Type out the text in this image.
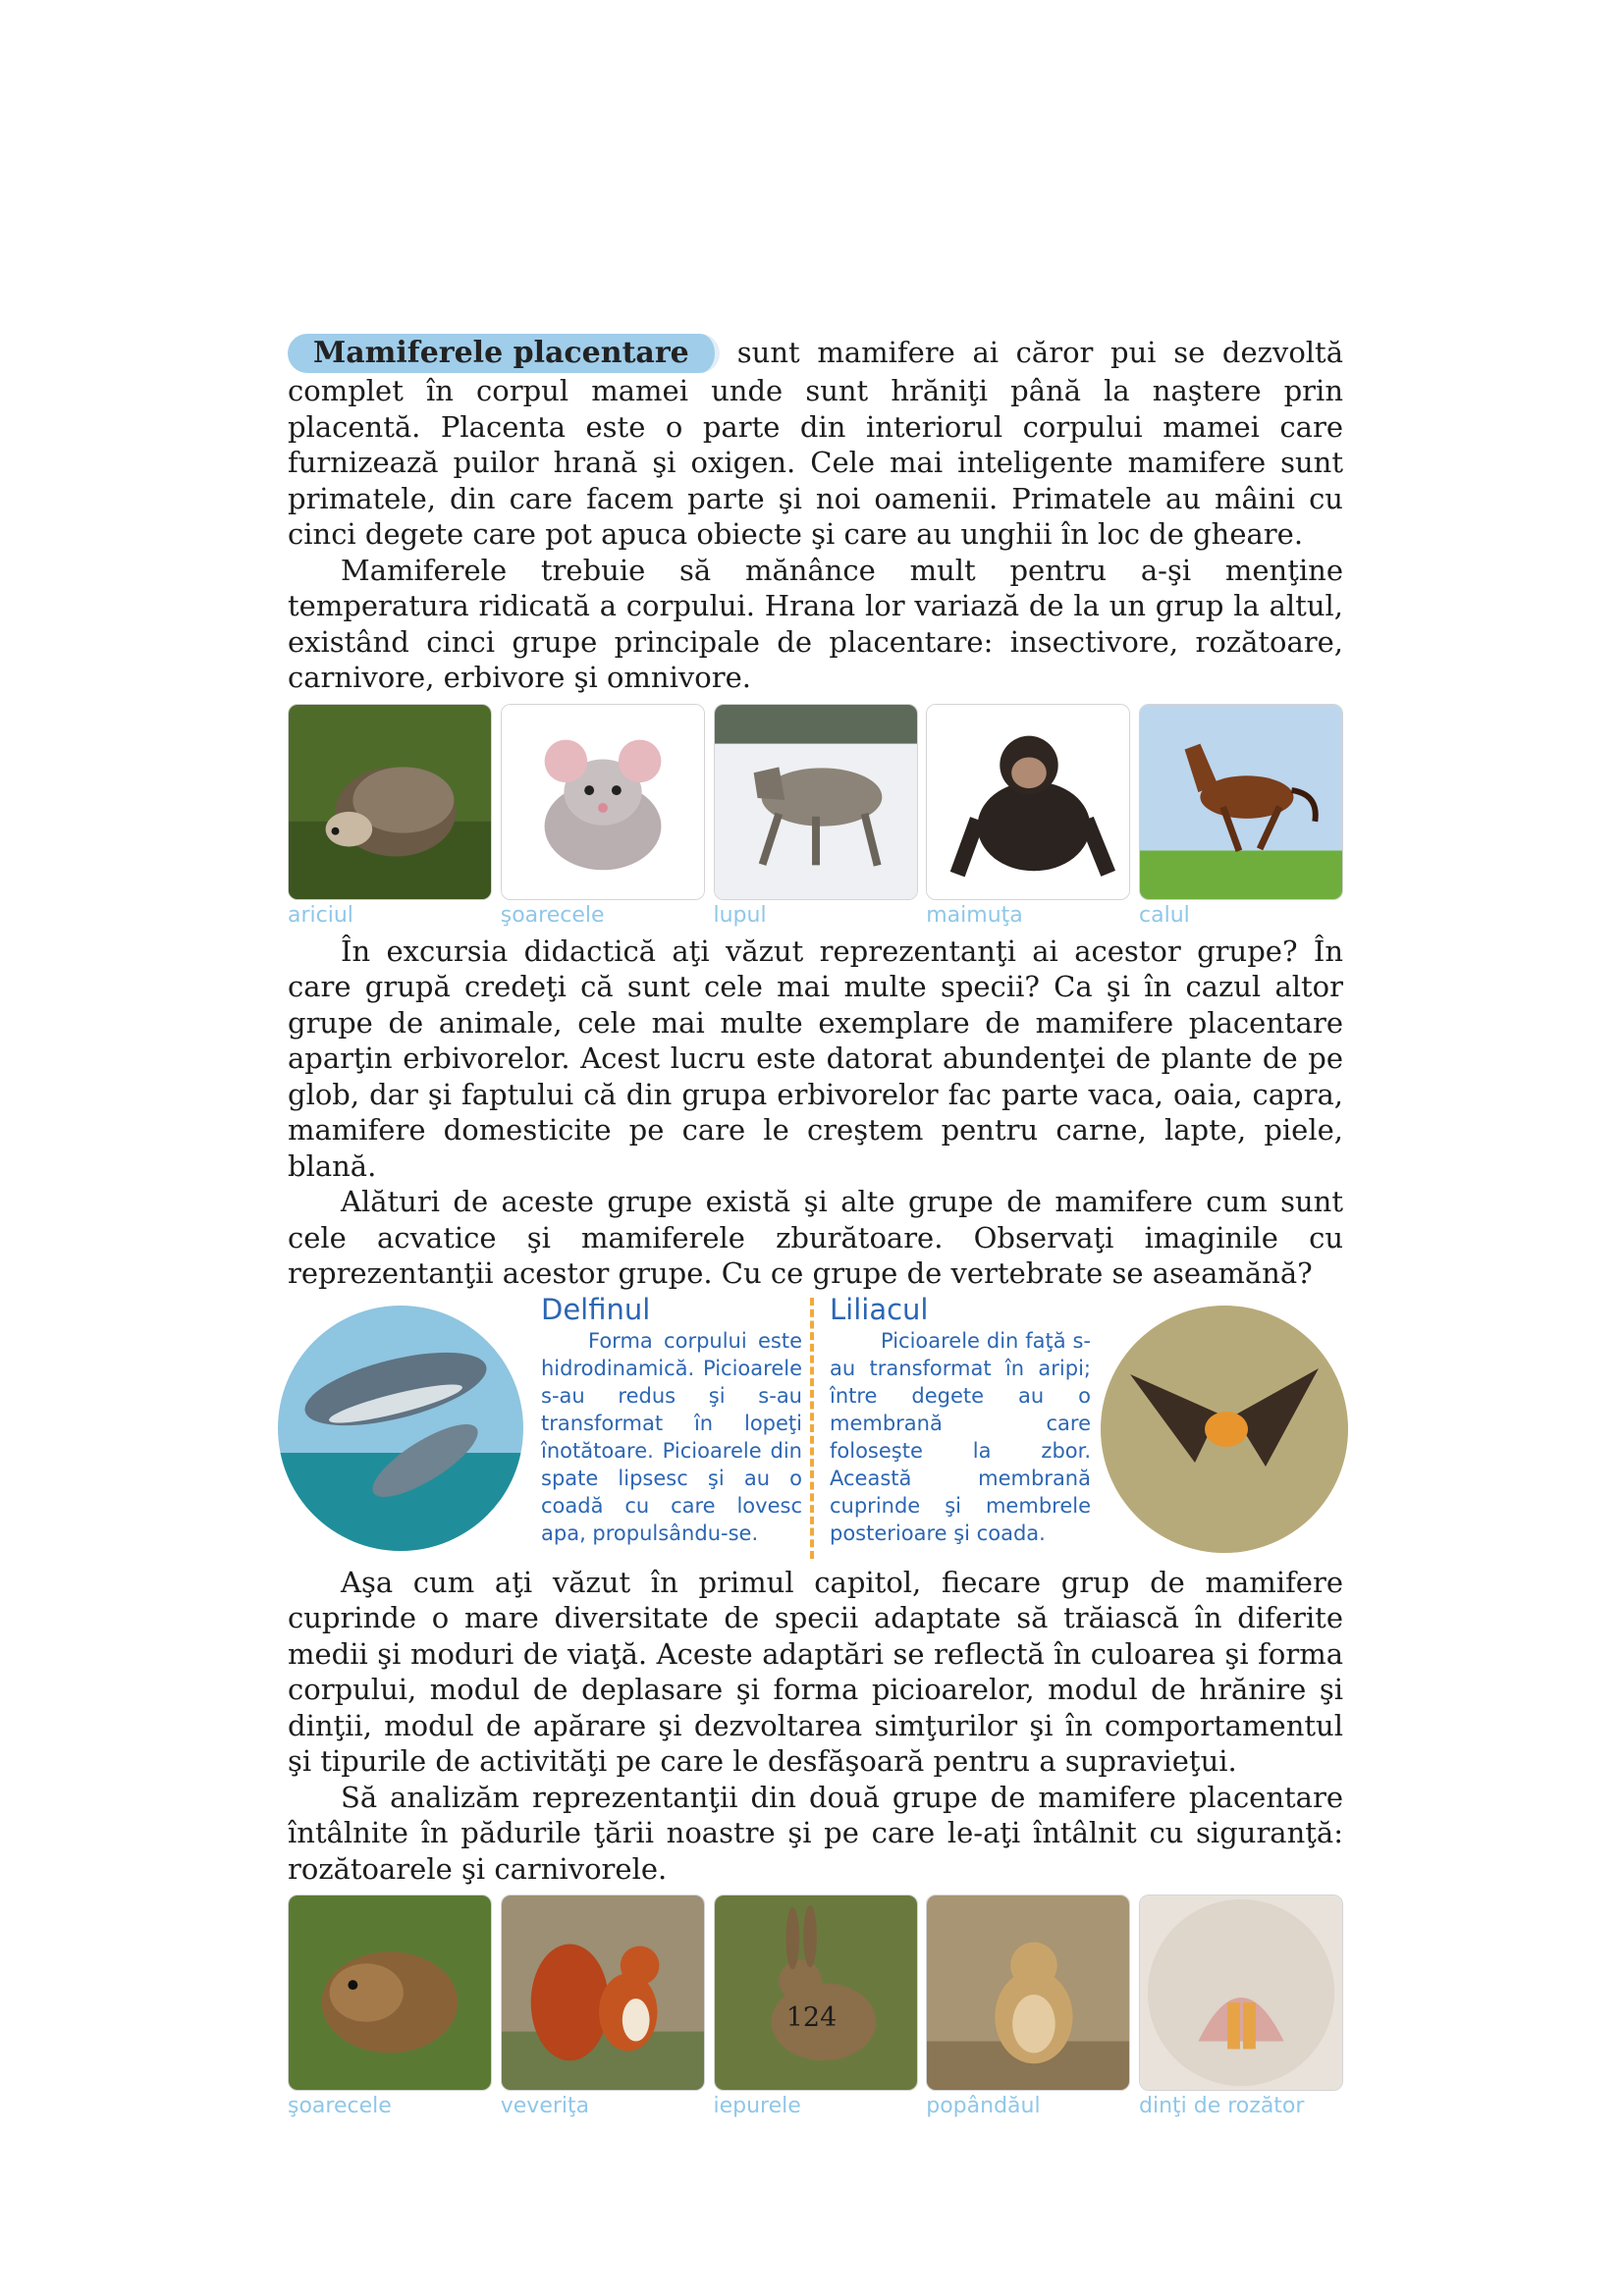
Mamiferele placentare sunt mamifere ai căror pui se dezvoltă complet în corpul mamei unde sunt hrăniţi până la naştere prin placentă. Placenta este o parte din interiorul corpului mamei care furnizează puilor hrană şi oxigen. Cele mai inteligente mamifere sunt primatele, din care facem parte şi noi oamenii. Primatele au mâini cu cinci degete care pot apuca obiecte şi care au unghii în loc de gheare.

Mamiferele trebuie să mănânce mult pentru a-şi menţine temperatura ridicată a corpului. Hrana lor variază de la un grup la altul, existând cinci grupe principale de placentare: insectivore, rozătoare, carnivore, erbivore şi omnivore.

ariciul	şoarecele	lupul	maimuţa	calul

În excursia didactică aţi văzut reprezentanţi ai acestor grupe? În care grupă credeţi că sunt cele mai multe specii? Ca şi în cazul altor grupe de animale, cele mai multe exemplare de mamifere placentare aparţin erbivorelor. Acest lucru este datorat abundenţei de plante de pe glob, dar şi faptului că din grupa erbivorelor fac parte vaca, oaia, capra, mamifere domesticite pe care le creştem pentru carne, lapte, piele, blană.

Alături de aceste grupe există şi alte grupe de mamifere cum sunt cele acvatice şi mamiferele zburătoare. Observaţi imaginile cu reprezentanţii acestor grupe. Cu ce grupe de vertebrate se aseamănă?

Delfinul
Forma corpului este hidrodinamică. Picioarele s-au redus şi s-au transformat în lopeţi înotătoare. Picioarele din spate lipsesc şi au o coadă cu care lovesc apa, propulsându-se.
Liliacul
Picioarele din faţă s-au transformat în aripi; între degete au o membrană care foloseşte la zbor. Această membrană cuprinde şi membrele posterioare şi coada.

Aşa cum aţi văzut în primul capitol, fiecare grup de mamifere cuprinde o mare diversitate de specii adaptate să trăiască în diferite medii şi moduri de viaţă. Aceste adaptări se reflectă în culoarea şi forma corpului, modul de deplasare şi forma picioarelor, modul de hrănire şi dinţii, modul de apărare şi dezvoltarea simţurilor şi în comportamentul şi tipurile de activităţi pe care le desfăşoară pentru a supravieţui.

Să analizăm reprezentanţii din două grupe de mamifere placentare întâlnite în pădurile ţării noastre şi pe care le-aţi întâlnit cu siguranţă: rozătoarele şi carnivorele.

şoarecele	veveriţa	iepurele	popândăul	dinţi de rozător
124
